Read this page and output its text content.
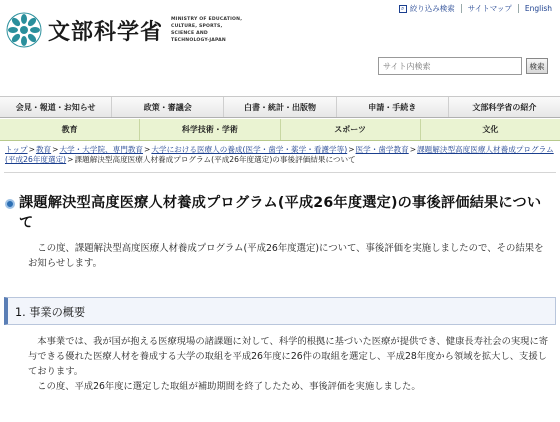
文部科学省 MINISTRY OF EDUCATION,
CULTURE, SPORTS,
SCIENCE AND TECHNOLOGY-JAPAN
⌕ 絞り込み検索 サイトマップ English
サイト内検索
検索
会見・報道・お知らせ	政策・審議会	白書・統計・出版物	申請・手続き	文部科学省の紹介
教育	科学技術・学術	スポーツ	文化
トップ>教育>大学・大学院、専門教育>大学における医療人の養成(医学・歯学・薬学・看護学等)>医学・歯学教育>課題解決型高度医療人材養成プログラム(平成26年度選定)>課題解決型高度医療人材養成プログラム(平成26年度選定)の事後評価結果について
課題解決型高度医療人材養成プログラム(平成26年度選定)の事後評価結果について

　この度、課題解決型高度医療人材養成プログラム(平成26年度選定)について、事後評価を実施しましたので、その結果をお知らせします。

1. 事業の概要

　本事業では、我が国が抱える医療現場の諸課題に対して、科学的根拠に基づいた医療が提供でき、健康長寿社会の実現に寄与できる優れた医療人材を養成する大学の取組を平成26年度に26件の取組を選定し、平成28年度から領域を拡大し、支援しております。

　この度、平成26年度に選定した取組が補助期間を終了したため、事後評価を実施しました。
